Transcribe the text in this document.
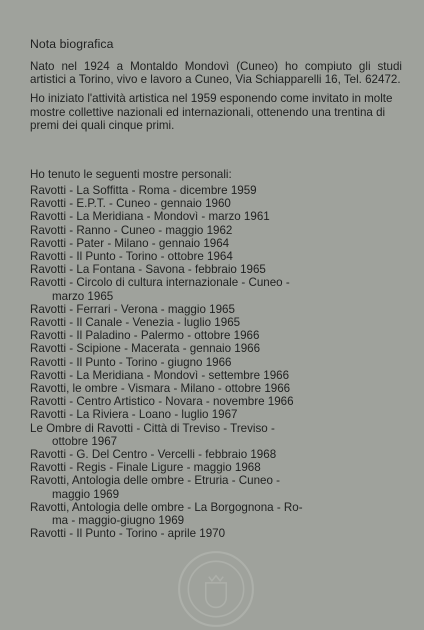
Nota biografica

Nato nel 1924 a Montaldo Mondovì (Cuneo) ho compiuto gli studi artistici a Torino, vivo e lavoro a Cuneo, Via Schiapparelli 16, Tel. 62472.

Ho iniziato l'attività artistica nel 1959 esponendo come invitato in molte mostre collettive nazionali ed internazionali, ottenendo una trentina di premi dei quali cinque primi.

Ho tenuto le seguenti mostre personali:
Ravotti - La Soffitta - Roma - dicembre 1959
Ravotti - E.P.T. - Cuneo - gennaio 1960
Ravotti - La Meridiana - Mondovì - marzo 1961
Ravotti - Ranno - Cuneo - maggio 1962
Ravotti - Pater - Milano - gennaio 1964
Ravotti - Il Punto - Torino - ottobre 1964
Ravotti - La Fontana - Savona - febbraio 1965
Ravotti - Circolo di cultura internazionale - Cuneo -
marzo 1965
Ravotti - Ferrari - Verona - maggio 1965
Ravotti - Il Canale - Venezia - luglio 1965
Ravotti - Il Paladino - Palermo - ottobre 1966
Ravotti - Scipione - Macerata - gennaio 1966
Ravotti - Il Punto - Torino - giugno 1966
Ravotti - La Meridiana - Mondovì - settembre 1966
Ravotti, le ombre - Vismara - Milano - ottobre 1966
Ravotti - Centro Artistico - Novara - novembre 1966
Ravotti - La Riviera - Loano - luglio 1967
Le Ombre di Ravotti - Città di Treviso - Treviso -
ottobre 1967
Ravotti - G. Del Centro - Vercelli - febbraio 1968
Ravotti - Regis - Finale Ligure - maggio 1968
Ravotti, Antologia delle ombre - Etruria - Cuneo -
maggio 1969
Ravotti, Antologia delle ombre - La Borgognona - Ro-
ma - maggio-giugno 1969
Ravotti - Il Punto - Torino - aprile 1970
